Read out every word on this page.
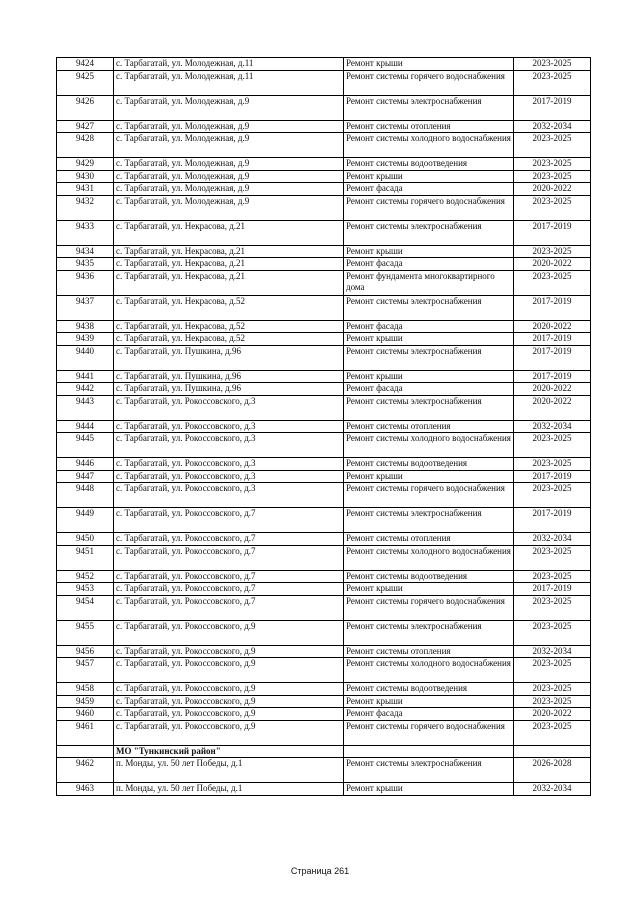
9424	с. Тарбагатай, ул. Молодежная, д.11	Ремонт крыши	2023-2025
9425	с. Тарбагатай, ул. Молодежная, д.11	Ремонт системы горячего водоснабжения	2023-2025
9426	с. Тарбагатай, ул. Молодежная, д.9	Ремонт системы электроснабжения	2017-2019
9427	с. Тарбагатай, ул. Молодежная, д.9	Ремонт системы отопления	2032-2034
9428	с. Тарбагатай, ул. Молодежная, д.9	Ремонт системы холодного водоснабжения	2023-2025
9429	с. Тарбагатай, ул. Молодежная, д.9	Ремонт системы водоотведения	2023-2025
9430	с. Тарбагатай, ул. Молодежная, д.9	Ремонт крыши	2023-2025
9431	с. Тарбагатай, ул. Молодежная, д.9	Ремонт фасада	2020-2022
9432	с. Тарбагатай, ул. Молодежная, д.9	Ремонт системы горячего водоснабжения	2023-2025
9433	с. Тарбагатай, ул. Некрасова, д.21	Ремонт системы электроснабжения	2017-2019
9434	с. Тарбагатай, ул. Некрасова, д.21	Ремонт крыши	2023-2025
9435	с. Тарбагатай, ул. Некрасова, д.21	Ремонт фасада	2020-2022
9436	с. Тарбагатай, ул. Некрасова, д.21	Ремонт фундамента многоквартирного дома	2023-2025
9437	с. Тарбагатай, ул. Некрасова, д.52	Ремонт системы электроснабжения	2017-2019
9438	с. Тарбагатай, ул. Некрасова, д.52	Ремонт фасада	2020-2022
9439	с. Тарбагатай, ул. Некрасова, д.52	Ремонт крыши	2017-2019
9440	с. Тарбагатай, ул. Пушкина, д.96	Ремонт системы электроснабжения	2017-2019
9441	с. Тарбагатай, ул. Пушкина, д.96	Ремонт крыши	2017-2019
9442	с. Тарбагатай, ул. Пушкина, д.96	Ремонт фасада	2020-2022
9443	с. Тарбагатай, ул. Рокоссовского, д.3	Ремонт системы электроснабжения	2020-2022
9444	с. Тарбагатай, ул. Рокоссовского, д.3	Ремонт системы отопления	2032-2034
9445	с. Тарбагатай, ул. Рокоссовского, д.3	Ремонт системы холодного водоснабжения	2023-2025
9446	с. Тарбагатай, ул. Рокоссовского, д.3	Ремонт системы водоотведения	2023-2025
9447	с. Тарбагатай, ул. Рокоссовского, д.3	Ремонт крыши	2017-2019
9448	с. Тарбагатай, ул. Рокоссовского, д.3	Ремонт системы горячего водоснабжения	2023-2025
9449	с. Тарбагатай, ул. Рокоссовского, д.7	Ремонт системы электроснабжения	2017-2019
9450	с. Тарбагатай, ул. Рокоссовского, д.7	Ремонт системы отопления	2032-2034
9451	с. Тарбагатай, ул. Рокоссовского, д.7	Ремонт системы холодного водоснабжения	2023-2025
9452	с. Тарбагатай, ул. Рокоссовского, д.7	Ремонт системы водоотведения	2023-2025
9453	с. Тарбагатай, ул. Рокоссовского, д.7	Ремонт крыши	2017-2019
9454	с. Тарбагатай, ул. Рокоссовского, д.7	Ремонт системы горячего водоснабжения	2023-2025
9455	с. Тарбагатай, ул. Рокоссовского, д.9	Ремонт системы электроснабжения	2023-2025
9456	с. Тарбагатай, ул. Рокоссовского, д.9	Ремонт системы отопления	2032-2034
9457	с. Тарбагатай, ул. Рокоссовского, д.9	Ремонт системы холодного водоснабжения	2023-2025
9458	с. Тарбагатай, ул. Рокоссовского, д.9	Ремонт системы водоотведения	2023-2025
9459	с. Тарбагатай, ул. Рокоссовского, д.9	Ремонт крыши	2023-2025
9460	с. Тарбагатай, ул. Рокоссовского, д.9	Ремонт фасада	2020-2022
9461	с. Тарбагатай, ул. Рокоссовского, д.9	Ремонт системы горячего водоснабжения	2023-2025
	МО "Тункинский район"		
9462	п. Монды, ул. 50 лет Победы, д.1	Ремонт системы электроснабжения	2026-2028
9463	п. Монды, ул. 50 лет Победы, д.1	Ремонт крыши	2032-2034
Страница 261
